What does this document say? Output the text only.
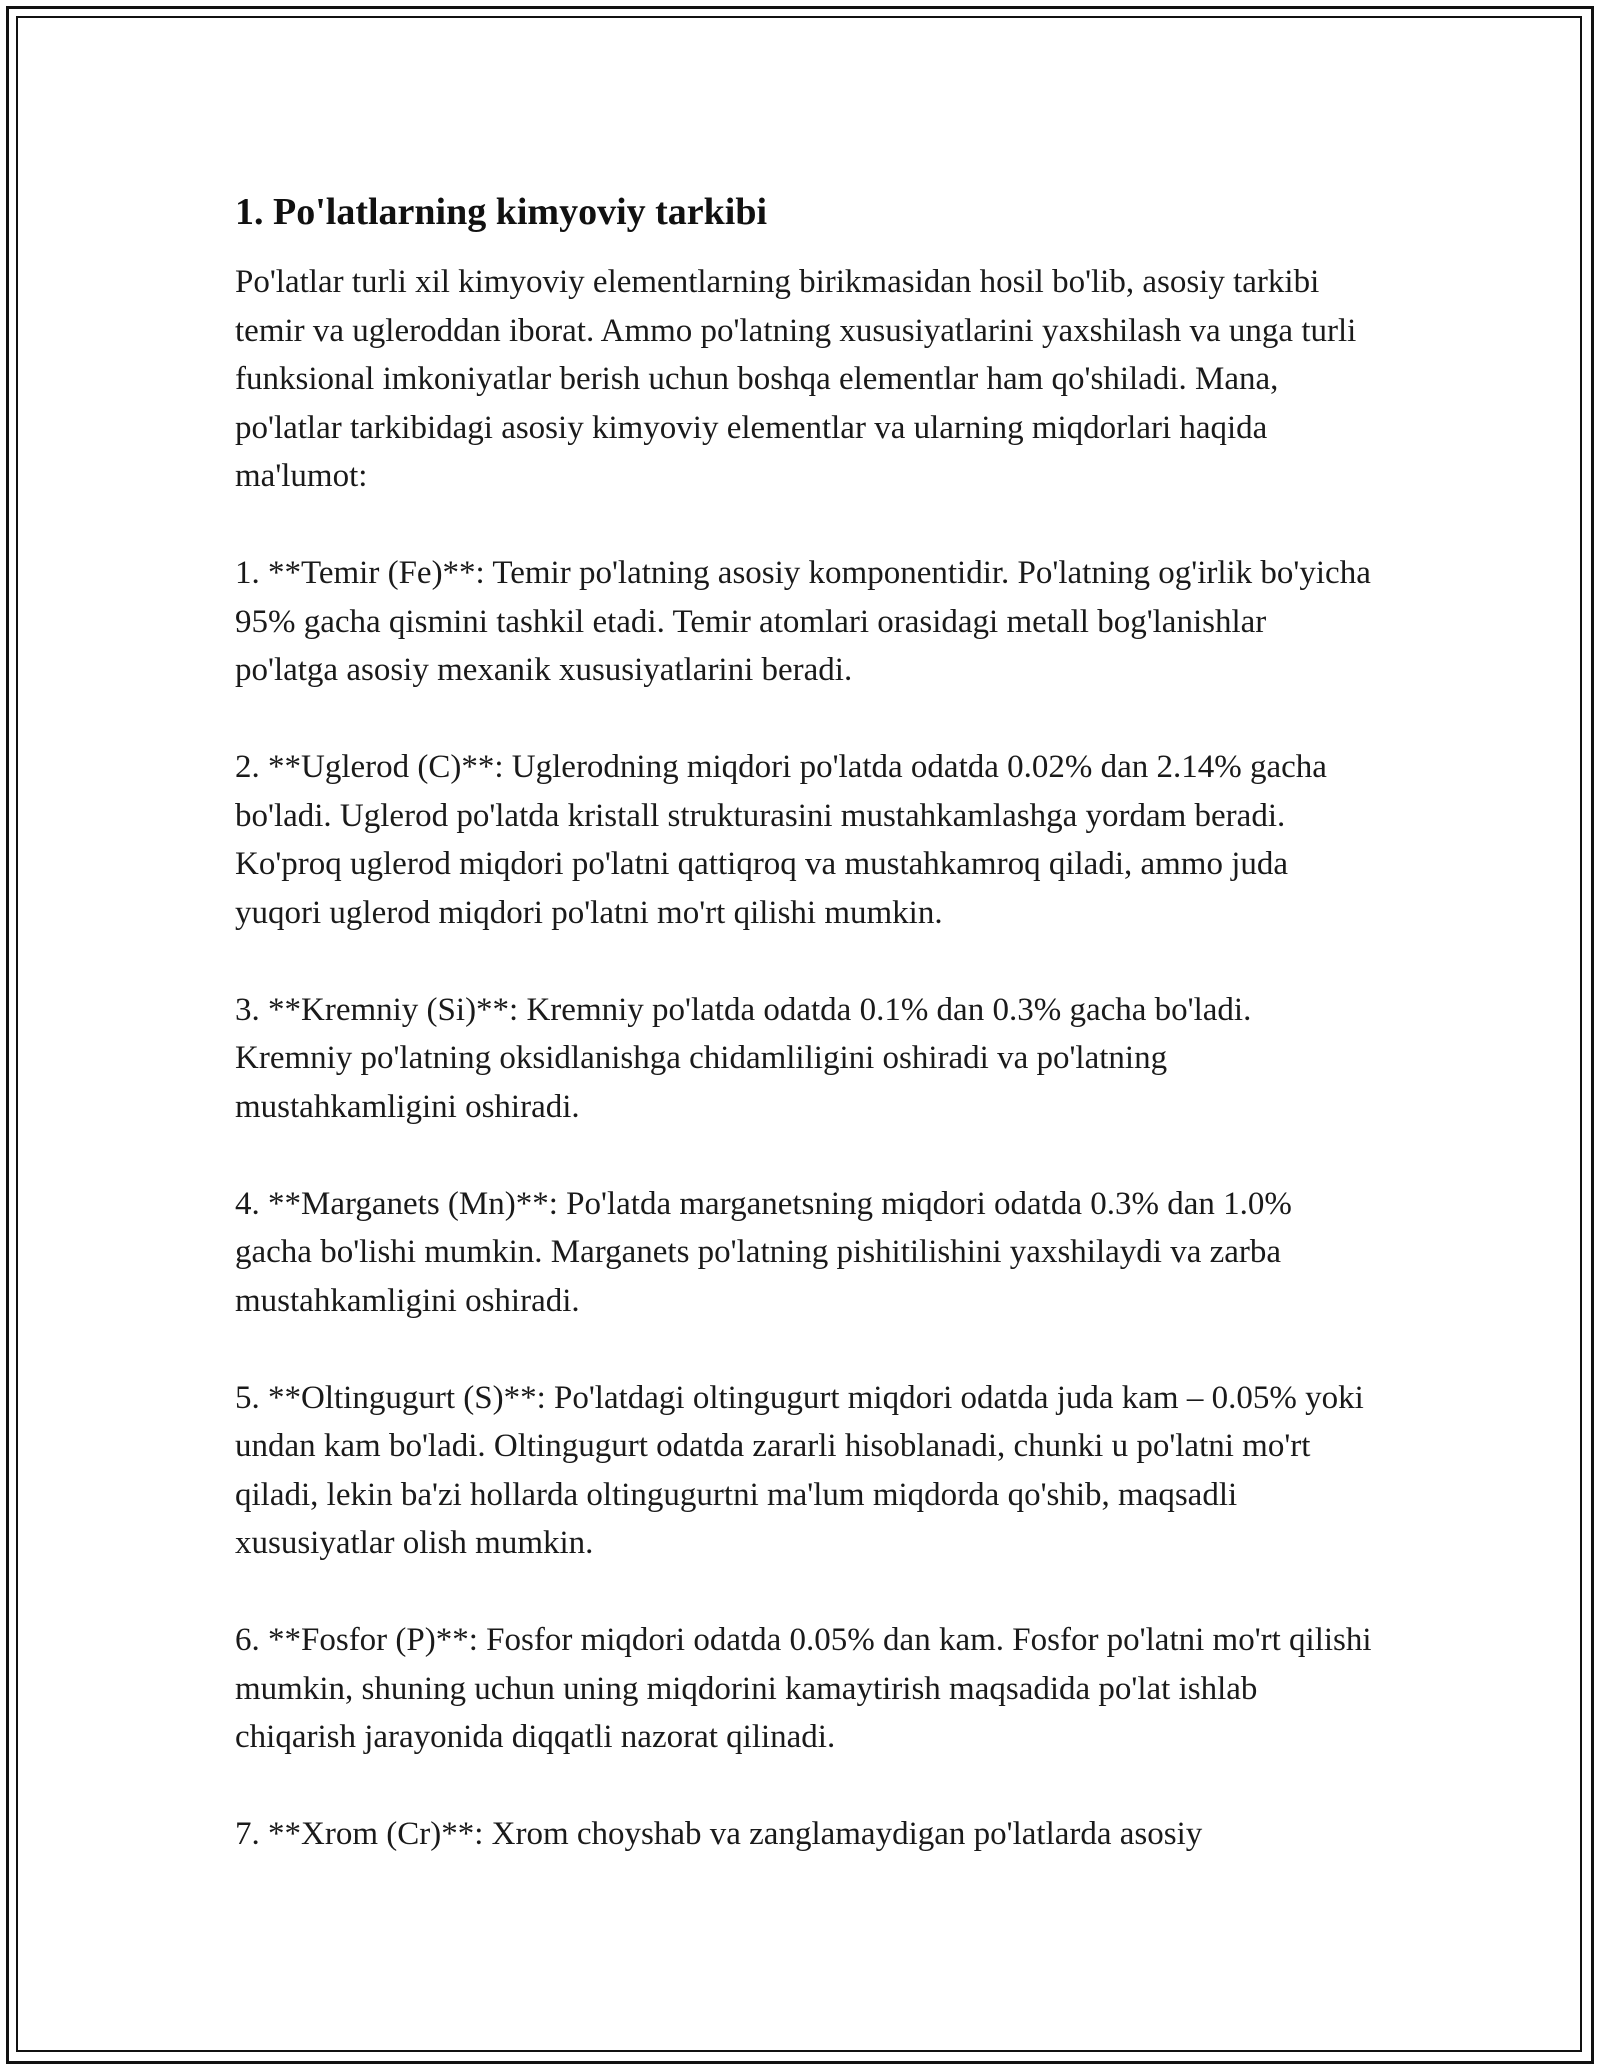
1. Po'latlarning kimyoviy tarkibi

Po'latlar turli xil kimyoviy elementlarning birikmasidan hosil bo'lib, asosiy tarkibi temir va ugleroddan iborat. Ammo po'latning xususiyatlarini yaxshilash va unga turli funksional imkoniyatlar berish uchun boshqa elementlar ham qo'shiladi. Mana, po'latlar tarkibidagi asosiy kimyoviy elementlar va ularning miqdorlari haqida ma'lumot:

1. **Temir (Fe)**: Temir po'latning asosiy komponentidir. Po'latning og'irlik bo'yicha 95% gacha qismini tashkil etadi. Temir atomlari orasidagi metall bog'lanishlar po'latga asosiy mexanik xususiyatlarini beradi.

2. **Uglerod (C)**: Uglerodning miqdori po'latda odatda 0.02% dan 2.14% gacha bo'ladi. Uglerod po'latda kristall strukturasini mustahkamlashga yordam beradi. Ko'proq uglerod miqdori po'latni qattiqroq va mustahkamroq qiladi, ammo juda yuqori uglerod miqdori po'latni mo'rt qilishi mumkin.

3. **Kremniy (Si)**: Kremniy po'latda odatda 0.1% dan 0.3% gacha bo'ladi. Kremniy po'latning oksidlanishga chidamliligini oshiradi va po'latning mustahkamligini oshiradi.

4. **Marganets (Mn)**: Po'latda marganetsning miqdori odatda 0.3% dan 1.0% gacha bo'lishi mumkin. Marganets po'latning pishitilishini yaxshilaydi va zarba mustahkamligini oshiradi.

5. **Oltingugurt (S)**: Po'latdagi oltingugurt miqdori odatda juda kam – 0.05% yoki undan kam bo'ladi. Oltingugurt odatda zararli hisoblanadi, chunki u po'latni mo'rt qiladi, lekin ba'zi hollarda oltingugurtni ma'lum miqdorda qo'shib, maqsadli xususiyatlar olish mumkin.

6. **Fosfor (P)**: Fosfor miqdori odatda 0.05% dan kam. Fosfor po'latni mo'rt qilishi mumkin, shuning uchun uning miqdorini kamaytirish maqsadida po'lat ishlab chiqarish jarayonida diqqatli nazorat qilinadi.

7. **Xrom (Cr)**: Xrom choyshab va zanglamaydigan po'latlarda asosiy
